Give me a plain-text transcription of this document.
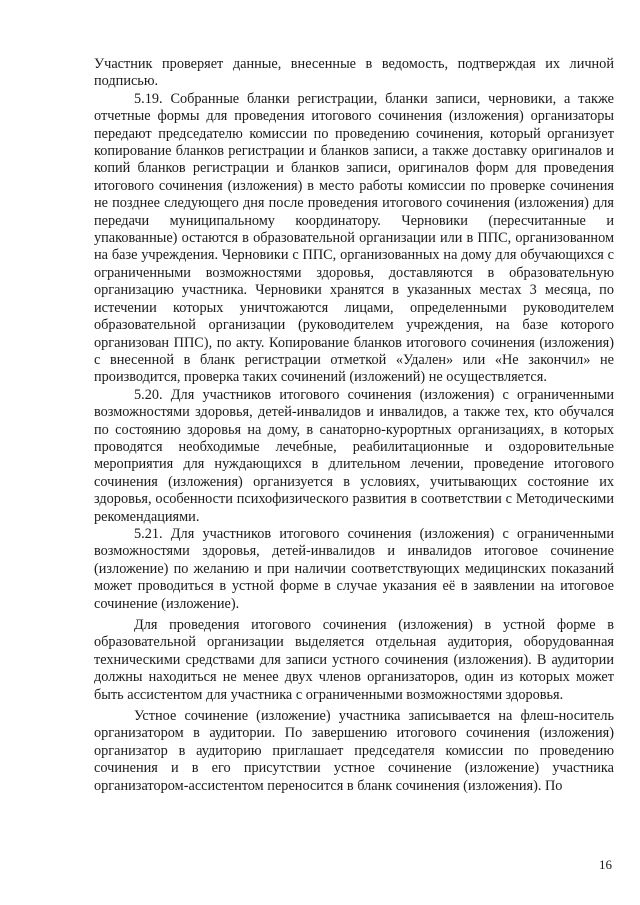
Участник проверяет данные, внесенные в ведомость, подтверждая их личной подписью.

5.19. Собранные бланки регистрации, бланки записи, черновики, а также отчетные формы для проведения итогового сочинения (изложения) организаторы передают председателю комиссии по проведению сочинения, который организует копирование бланков регистрации и бланков записи, а также доставку оригиналов и копий бланков регистрации и бланков записи, оригиналов форм для проведения итогового сочинения (изложения) в место работы комиссии по проверке сочинения не позднее следующего дня после проведения итогового сочинения (изложения) для передачи муниципальному координатору. Черновики (пересчитанные и упакованные) остаются в образовательной организации или в ППС, организованном на базе учреждения. Черновики с ППС, организованных на дому для обучающихся с ограниченными возможностями здоровья, доставляются в образовательную организацию участника. Черновики хранятся в указанных местах 3 месяца, по истечении которых уничтожаются лицами, определенными руководителем образовательной организации (руководителем учреждения, на базе которого организован ППС), по акту. Копирование бланков итогового сочинения (изложения) с внесенной в бланк регистрации отметкой «Удален» или «Не закончил» не производится, проверка таких сочинений (изложений) не осуществляется.

5.20. Для участников итогового сочинения (изложения) с ограниченными возможностями здоровья, детей-инвалидов и инвалидов, а также тех, кто обучался по состоянию здоровья на дому, в санаторно-курортных организациях, в которых проводятся необходимые лечебные, реабилитационные и оздоровительные мероприятия для нуждающихся в длительном лечении, проведение итогового сочинения (изложения) организуется в условиях, учитывающих состояние их здоровья, особенности психофизического развития в соответствии с Методическими рекомендациями.

5.21. Для участников итогового сочинения (изложения) с ограниченными возможностями здоровья, детей-инвалидов и инвалидов итоговое сочинение (изложение) по желанию и при наличии соответствующих медицинских показаний может проводиться в устной форме в случае указания её в заявлении на итоговое сочинение (изложение).

Для проведения итогового сочинения (изложения) в устной форме в образовательной организации выделяется отдельная аудитория, оборудованная техническими средствами для записи устного сочинения (изложения). В аудитории должны находиться не менее двух членов организаторов, один из которых может быть ассистентом для участника с ограниченными возможностями здоровья.

Устное сочинение (изложение) участника записывается на флеш-носитель организатором в аудитории. По завершению итогового сочинения (изложения) организатор в аудиторию приглашает председателя комиссии по проведению сочинения и в его присутствии устное сочинение (изложение) участника организатором-ассистентом переносится в бланк сочинения (изложения). По

16
